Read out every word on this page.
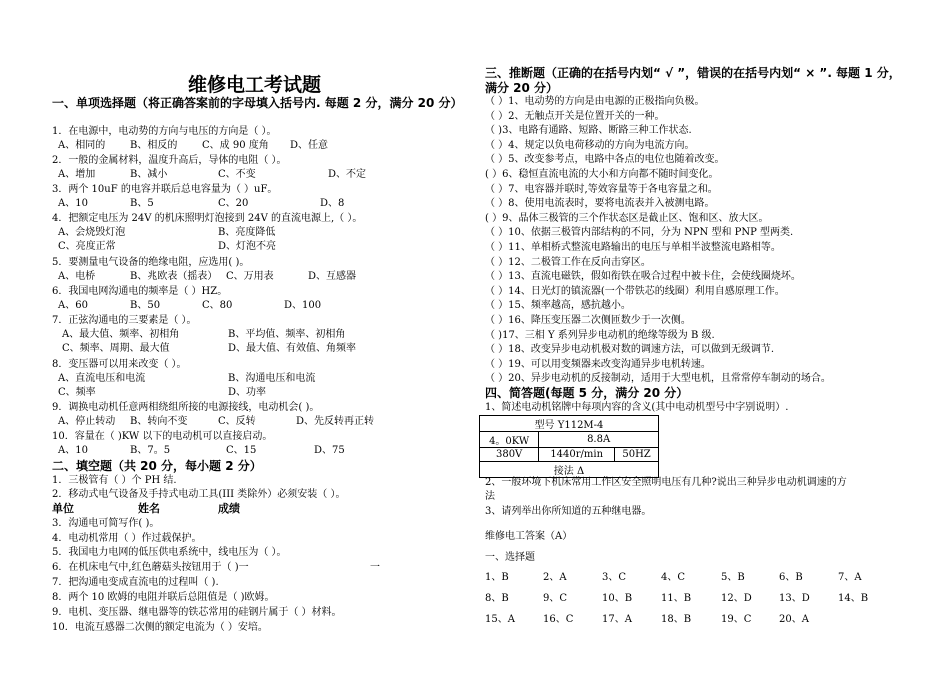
维修电工考试题
一、单项选择题（将正确答案前的字母填入括号内. 每题 2 分，满分 20 分）
1．在电源中，电动势的方向与电压的方向是（ ）。
A、相同的 B、相反的 C、成 90 度角 D、任意
2．一般的金属材料，温度升高后，导体的电阻（ ）。
A、增加	B、减小	C、不变	D、不定
3．两个 10uF 的电容并联后总电容量为（ ）uF。
A、10	B、5	C、20	D、8
4．把额定电压为 24V 的机床照明灯泡接到 24V 的直流电源上,（ ）。
A、会烧毁灯泡	B、亮度降低
C、亮度正常	D、灯泡不亮
5．要测量电气设备的绝缘电阻，应选用( )。
A、电桥	B、兆欧表（摇表） C、万用表	D、互感器
6．我国电网沟通电的频率是（ ）HZ。
A、60	B、50	C、80	D、100
7．正弦沟通电的三要素是（ ）。
A、最大值、频率、初相角	B、平均值、频率、初相角
C、频率、周期、最大值	D、最大值、有效值、角频率
8．变压器可以用来改变（ ）。
A、直流电压和电流	B、沟通电压和电流
C、频率	D、功率
9．调换电动机任意两相绕组所接的电源接线，电动机会( )。
A、停止转动 B、转向不变	C、反转	D、先反转再正转
10．容量在（ )KW 以下的电动机可以直接启动。
A、10	B、7。5	C、15	D、75
二、填空题（共 20 分，每小题 2 分）
1．三极管有（ ）个 PH 结.
2．移动式电气设备及手持式电动工具(III 类除外）必须安装（ ）。
单位	姓名	成绩
3．沟通电可简写作( )。
4．电动机常用（ ）作过载保护。
5．我国电力电网的低压供电系统中，线电压为（ ）。
6．在机床电气中,红色蘑菇头按钮用于（ )一	一
7．把沟通电变成直流电的过程叫（ ).
8．两个 10 欧姆的电阻并联后总阻值是（ )欧姆。
9．电机、变压器、继电器等的铁芯常用的硅钢片属于（ ）材料。
10．电流互感器二次侧的额定电流为（ ）安培。
三、推断题（正确的在括号内划“ √ ”，错误的在括号内划“ × ”. 每题 1 分，满分 20 分）
（ ）1、电动势的方向是由电源的正极指向负极。
（ ）2、无触点开关是位置开关的一种。
（ )3、电路有通路、短路、断路三种工作状态.
（ ）4、规定以负电荷移动的方向为电流方向。
（ ）5、改变参考点，电路中各点的电位也随着改变。
( ）6、稳恒直流电流的大小和方向都不随时间变化。
（ ）7、电容器并联时,等效容量等于各电容量之和。
（ ）8、使用电流表时，要将电流表并入被测电路。
( ）9、晶体三极管的三个作状态区是截止区、饱和区、放大区。
（ ）10、依据三极管内部结构的不同，分为 NPN 型和 PNP 型两类.
（ ）11、单相桥式整流电路输出的电压与单相半波整流电路相等。
（ ）12、二极管工作在反向击穿区。
（ ）13、直流电磁铁，假如衔铁在吸合过程中被卡住，会使线圈烧坏。
（ ）14、日光灯的镇流器(一个带铁芯的线圈）利用自感原理工作。
（ ）15、频率越高，感抗越小。
（ ）16、降压变压器二次侧匝数少于一次侧。
（ )17、三相 Y 系列异步电动机的绝缘等级为 B 级.
（ ）18、改变异步电动机极对数的调速方法，可以做到无级调节.
（ ）19、可以用变频器来改变沟通异步电机转速。
（ ）20、异步电动机的反接制动，适用于大型电机，且常常停车制动的场合。
四、简答题(每题 5 分，满分 20 分）
1、简述电动机铭牌中每项内容的含义(其中电动机型号中字别说明）.
型号 Y112M-4		
4。0KW	8.8A	
380V	1440r/min	50HZ
接法 Δ		
2、一般环境下机床常用工作区安全照明电压有几种?说出三种异步电动机调速的方
法
3、请列举出你所知道的五种继电器。
维修电工答案（A）
一、选择题
1、B	2、A	3、C	4、C	5、B	6、B	7、A
8、B	9、C	10、B	11、B	12、D	13、D	14、B
15、A	16、C	17、A	18、B	19、C	20、A
